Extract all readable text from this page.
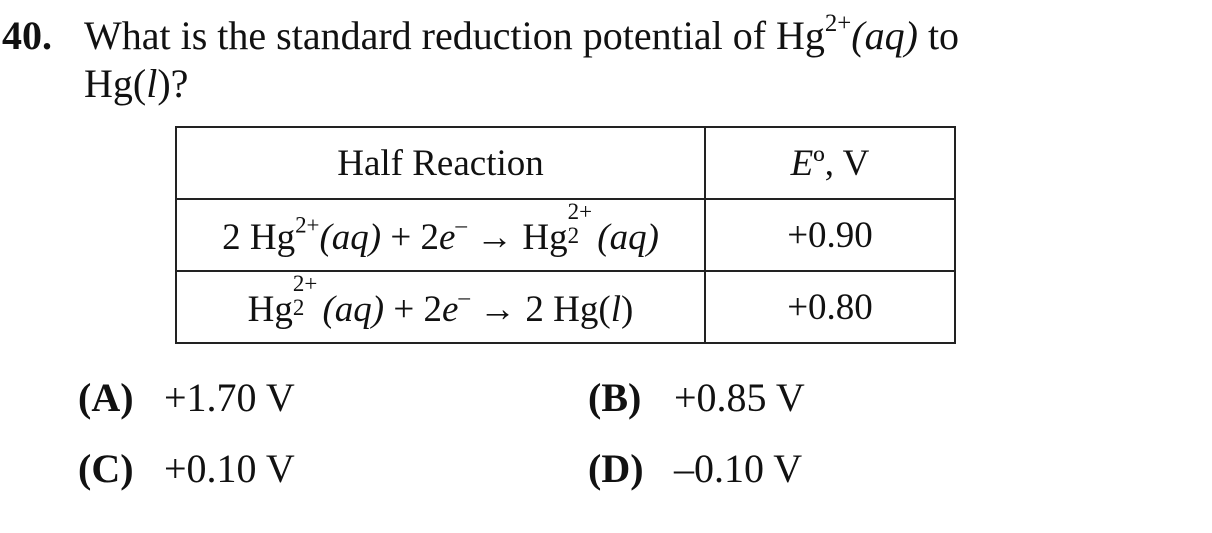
40. What is the standard reduction potential of $Hg^{2+}(aq)$ to
Hg(l)?
Half Reaction	Eº, V
2 $Hg^{2+}(aq) + 2e^- \to Hg$
2+
2 (aq)	+0.90
Hg
2+
2 (aq) + 2e– → 2 Hg(l)	+0.80
(A) +1.70 V	(B) +0.85 V
(C) +0.10 V	(D) –0.10 V
